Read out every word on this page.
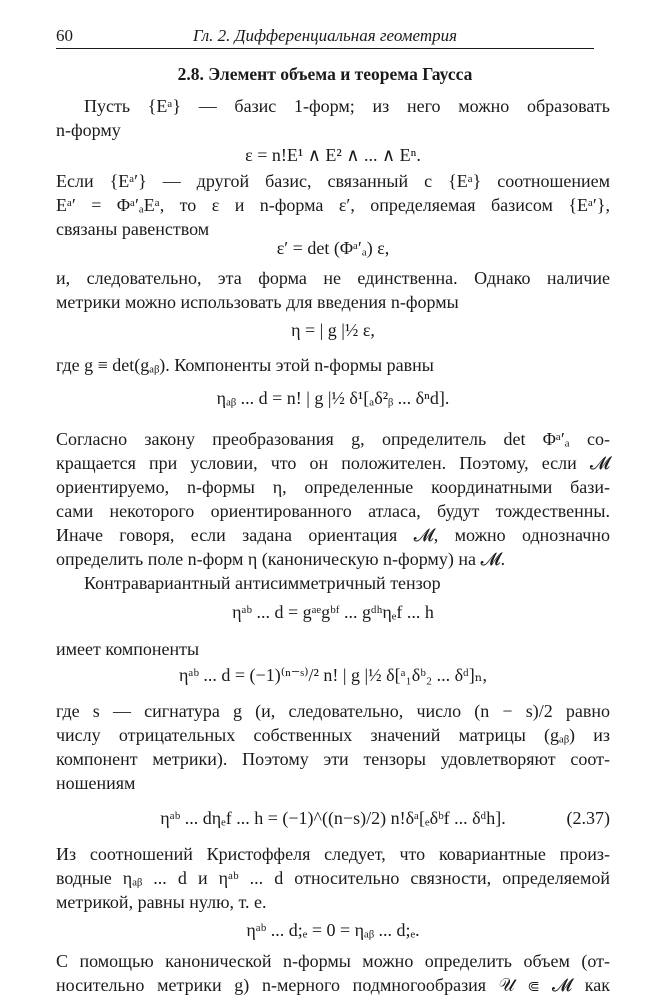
60	Гл. 2. Дифференциальная геометрия
2.8. Элемент объема и теорема Гаусса
Пусть {Eᵃ} — базис 1-форм; из него можно образовать
n-форму
ε = n!E¹ ∧ E² ∧ ... ∧ Eⁿ.
Если {Eᵃ′} — другой базис, связанный с {Eᵃ} соотношением
Eᵃ′ = Φᵃ′ₐEᵃ, то ε и n-форма ε′, определяемая базисом {Eᵃ′},
связаны равенством
ε′ = det (Φᵃ′ₐ) ε,
и, следовательно, эта форма не единственна. Однако наличие
метрики можно использовать для введения n-формы
η = | g |½ ε,
где g ≡ det(gₐᵦ). Компоненты этой n-формы равны
ηₐᵦ ... d = n! | g |½ δ¹[ₐδ²ᵦ ... δⁿd].
Согласно закону преобразования g, определитель det Φᵃ′ₐ со-
кращается при условии, что он положителен. Поэтому, если 𝓜
ориентируемо, n-формы η, определенные координатными бази-
сами некоторого ориентированного атласа, будут тождественны.
Иначе говоря, если задана ориентация 𝓜, можно однозначно
определить поле n-форм η (каноническую n-форму) на 𝓜.
Контравариантный антисимметричный тензор
ηᵃᵇ ... d = gᵃᵉgᵇᶠ ... gᵈʰηₑf ... h
имеет компоненты
ηᵃᵇ ... d = (−1)⁽ⁿ⁻ˢ⁾/² n! | g |½ δ[ᵃ₁δᵇ₂ ... δᵈ]ₙ,
где s — сигнатура g (и, следовательно, число (n − s)/2 равно
числу отрицательных собственных значений матрицы (gₐᵦ) из
компонент метрики). Поэтому эти тензоры удовлетворяют соот-
ношениям
ηᵃᵇ ... dηₑf ... h = (−1)^((n−s)/2) n!δᵃ[ₑδᵇf ... δᵈh].	(2.37)
Из соотношений Кристоффеля следует, что ковариантные произ-
водные ηₐᵦ ... d и ηᵃᵇ ... d относительно связности, определяемой
метрикой, равны нулю, т. е.
ηᵃᵇ ... d;ₑ = 0 = ηₐᵦ ... d;ₑ.
С помощью канонической n-формы можно определить объем (от-
носительно метрики g) n-мерного подмногообразия 𝒰 ⋐ 𝓜 как
